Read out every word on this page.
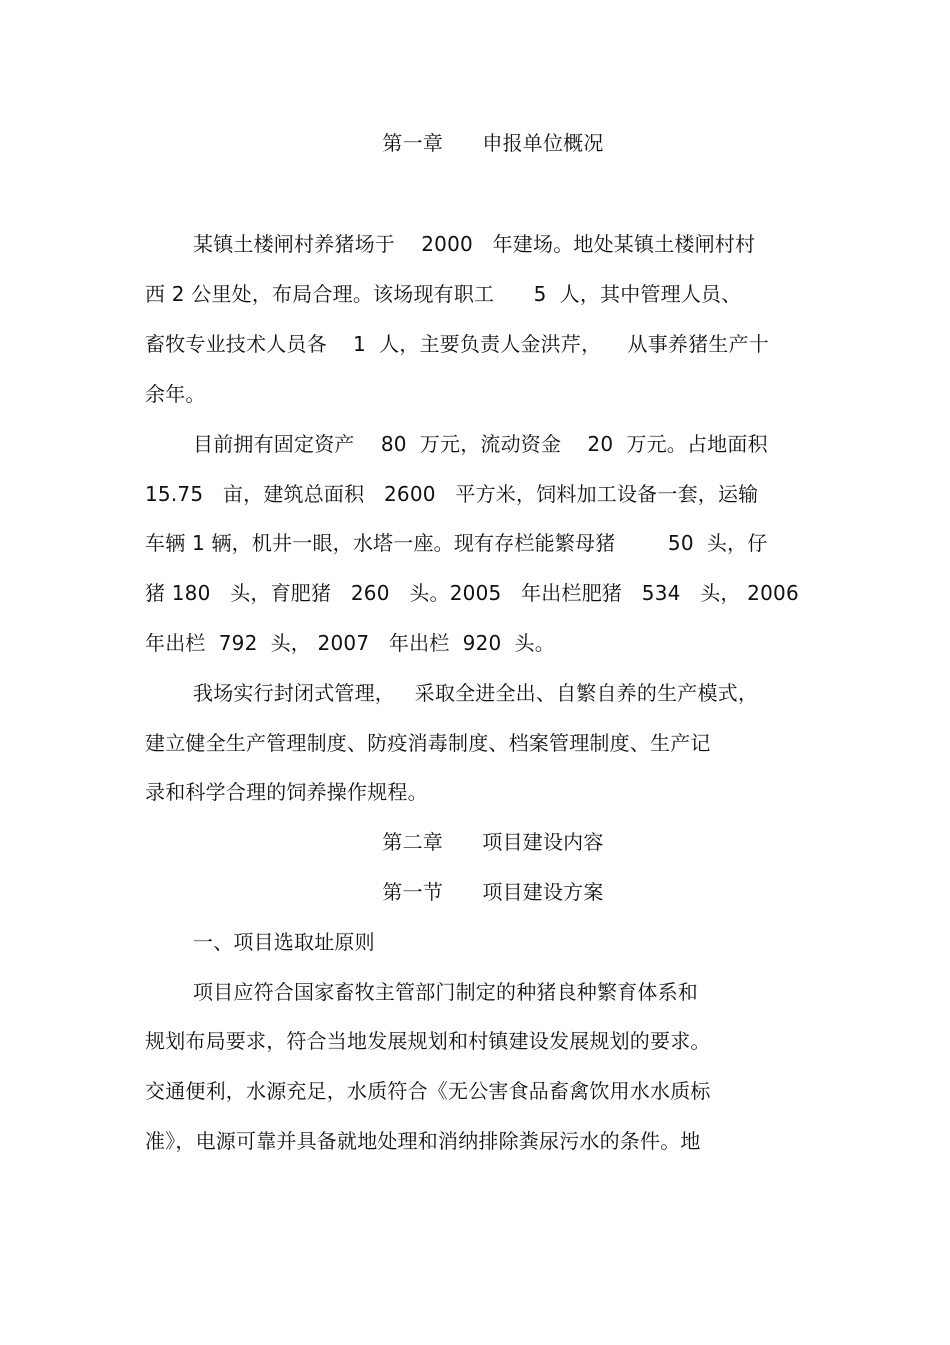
第一章      申报单位概况
某镇土楼闸村养猪场于    2000   年建场。地处某镇土楼闸村村
西 2 公里处，布局合理。该场现有职工      5  人，其中管理人员、
畜牧专业技术人员各    1  人，主要负责人金洪芹，    从事养猪生产十
余年。
目前拥有固定资产    80  万元，流动资金    20  万元。占地面积
15.75   亩，建筑总面积   2600   平方米，饲料加工设备一套，运输
车辆 1 辆，机井一眼，水塔一座。现有存栏能繁母猪        50  头，仔
猪 180   头，育肥猪   260   头。2005   年出栏肥猪   534   头， 2006
年出栏  792  头， 2007   年出栏  920  头。
我场实行封闭式管理，   采取全进全出、自繁自养的生产模式，
建立健全生产管理制度、防疫消毒制度、档案管理制度、生产记
录和科学合理的饲养操作规程。
第二章      项目建设内容
第一节      项目建设方案
一、项目选取址原则
项目应符合国家畜牧主管部门制定的种猪良种繁育体系和
规划布局要求，符合当地发展规划和村镇建设发展规划的要求。
交通便利，水源充足，水质符合《无公害食品畜禽饮用水水质标
准》，电源可靠并具备就地处理和消纳排除粪尿污水的条件。地
